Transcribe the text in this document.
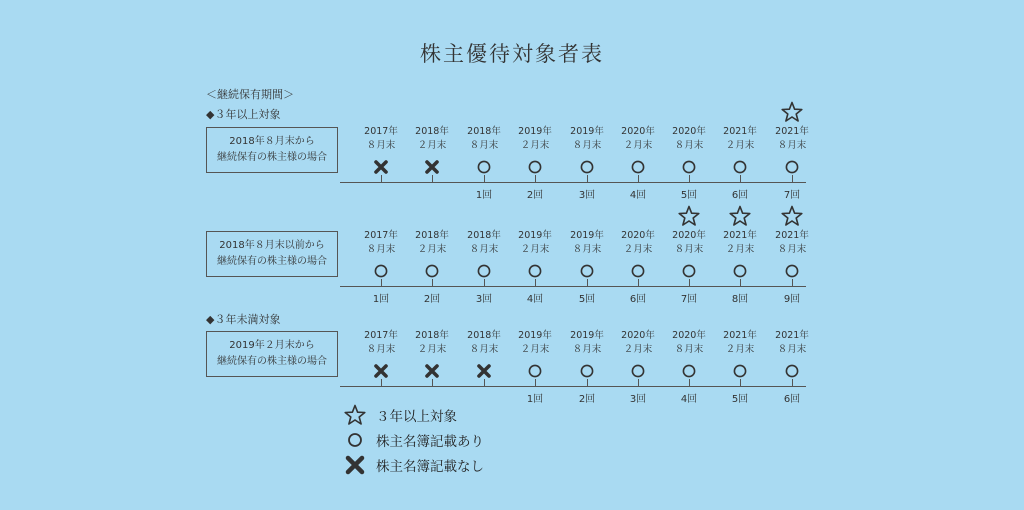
株主優待対象者表
＜継続保有期間＞
◆３年以上対象
◆３年未満対象
2018年８月末から
継続保有の株主様の場合
2018年８月末以前から
継続保有の株主様の場合
2019年２月末から
継続保有の株主様の場合
2017年
８月末
2018年
２月末
2018年
８月末
1回
2019年
２月末
2回
2019年
８月末
3回
2020年
２月末
4回
2020年
８月末
5回
2021年
２月末
6回
2021年
８月末
7回
2017年
８月末
1回
2018年
２月末
2回
2018年
８月末
3回
2019年
２月末
4回
2019年
８月末
5回
2020年
２月末
6回
2020年
８月末
7回
2021年
２月末
8回
2021年
８月末
9回
2017年
８月末
2018年
２月末
2018年
８月末
2019年
２月末
1回
2019年
８月末
2回
2020年
２月末
3回
2020年
８月末
4回
2021年
２月末
5回
2021年
８月末
6回
３年以上対象
株主名簿記載あり
株主名簿記載なし
